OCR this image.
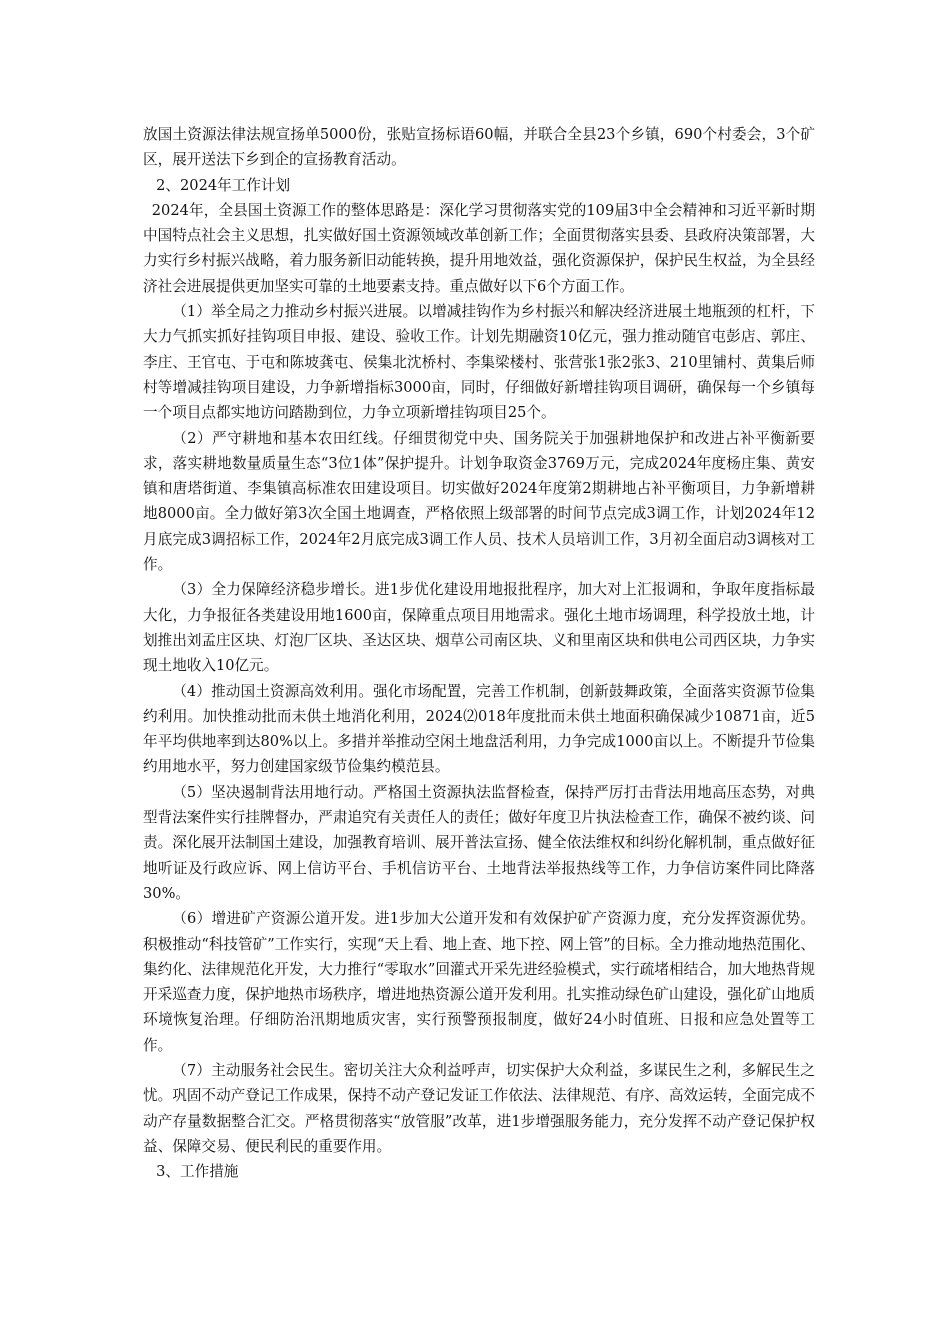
放国土资源法律法规宣扬单5000份，张贴宣扬标语60幅，并联合全县23个乡镇，690个村委会，3个矿区，展开送法下乡到企的宣扬教育活动。

2、2024年工作计划

2024年，全县国土资源工作的整体思路是：深化学习贯彻落实党的109届3中全会精神和习近平新时期中国特点社会主义思想，扎实做好国土资源领域改革创新工作；全面贯彻落实县委、县政府决策部署，大力实行乡村振兴战略，着力服务新旧动能转换，提升用地效益，强化资源保护，保护民生权益，为全县经济社会进展提供更加坚实可靠的土地要素支持。重点做好以下6个方面工作。

（1）举全局之力推动乡村振兴进展。以增减挂钩作为乡村振兴和解决经济进展土地瓶颈的杠杆，下大力气抓实抓好挂钩项目申报、建设、验收工作。计划先期融资10亿元，强力推动随官屯彭店、郭庄、李庄、王官屯、于屯和陈坡龚屯、侯集北沈桥村、李集梁楼村、张营张1张2张3、210里铺村、黄集后师村等增减挂钩项目建设，力争新增指标3000亩，同时，仔细做好新增挂钩项目调研，确保每一个乡镇每一个项目点都实地访问踏勘到位，力争立项新增挂钩项目25个。

（2）严守耕地和基本农田红线。仔细贯彻党中央、国务院关于加强耕地保护和改进占补平衡新要求，落实耕地数量质量生态“3位1体”保护提升。计划争取资金3769万元，完成2024年度杨庄集、黄安镇和唐塔街道、李集镇高标准农田建设项目。切实做好2024年度第2期耕地占补平衡项目，力争新增耕地8000亩。全力做好第3次全国土地调查，严格依照上级部署的时间节点完成3调工作，计划2024年12月底完成3调招标工作，2024年2月底完成3调工作人员、技术人员培训工作，3月初全面启动3调核对工作。

（3）全力保障经济稳步增长。进1步优化建设用地报批程序，加大对上汇报调和，争取年度指标最大化，力争报征各类建设用地1600亩，保障重点项目用地需求。强化土地市场调理，科学投放土地，计划推出刘孟庄区块、灯泡厂区块、圣达区块、烟草公司南区块、义和里南区块和供电公司西区块，力争实现土地收入10亿元。

（4）推动国土资源高效利用。强化市场配置，完善工作机制，创新鼓舞政策，全面落实资源节俭集约利用。加快推动批而未供土地消化利用，2024⑵018年度批而未供土地面积确保减少10871亩，近5年平均供地率到达80%以上。多措并举推动空闲土地盘活利用，力争完成1000亩以上。不断提升节俭集约用地水平，努力创建国家级节俭集约模范县。

（5）坚决遏制背法用地行动。严格国土资源执法监督检查，保持严厉打击背法用地高压态势，对典型背法案件实行挂牌督办，严肃追究有关责任人的责任；做好年度卫片执法检查工作，确保不被约谈、问责。深化展开法制国土建设，加强教育培训、展开普法宣扬、健全依法维权和纠纷化解机制，重点做好征地听证及行政应诉、网上信访平台、手机信访平台、土地背法举报热线等工作，力争信访案件同比降落30%。

（6）增进矿产资源公道开发。进1步加大公道开发和有效保护矿产资源力度，充分发挥资源优势。积极推动“科技管矿”工作实行，实现“天上看、地上查、地下控、网上管”的目标。全力推动地热范围化、集约化、法律规范化开发，大力推行“零取水”回灌式开采先进经验模式，实行疏堵相结合，加大地热背规开采巡查力度，保护地热市场秩序，增进地热资源公道开发利用。扎实推动绿色矿山建设，强化矿山地质环境恢复治理。仔细防治汛期地质灾害，实行预警预报制度，做好24小时值班、日报和应急处置等工作。

（7）主动服务社会民生。密切关注大众利益呼声，切实保护大众利益，多谋民生之利，多解民生之忧。巩固不动产登记工作成果，保持不动产登记发证工作依法、法律规范、有序、高效运转，全面完成不动产存量数据整合汇交。严格贯彻落实“放管服”改革，进1步增强服务能力，充分发挥不动产登记保护权益、保障交易、便民利民的重要作用。

3、工作措施
